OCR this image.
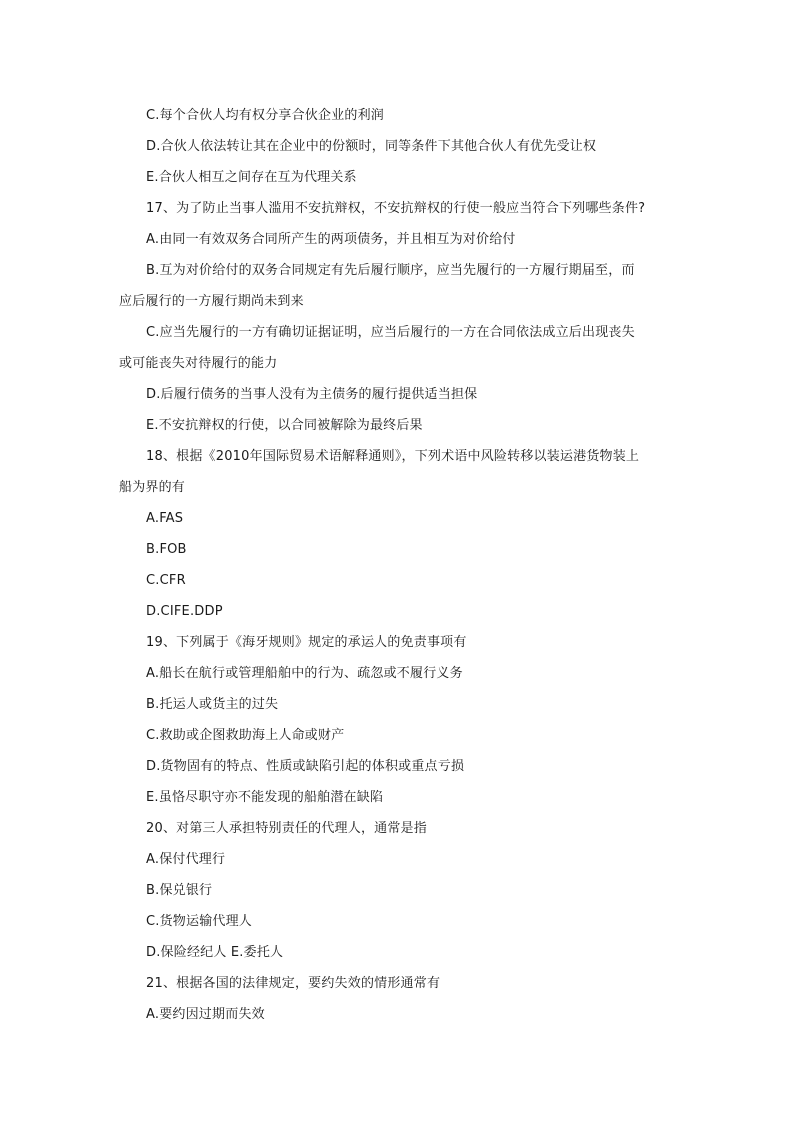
C.每个合伙人均有权分享合伙企业的利润
D.合伙人依法转让其在企业中的份额时，同等条件下其他合伙人有优先受让权
E.合伙人相互之间存在互为代理关系
17、为了防止当事人滥用不安抗辩权，不安抗辩权的行使一般应当符合下列哪些条件?
A.由同一有效双务合同所产生的两项债务，并且相互为对价给付
B.互为对价给付的双务合同规定有先后履行顺序，应当先履行的一方履行期届至，而
应后履行的一方履行期尚未到来
C.应当先履行的一方有确切证据证明，应当后履行的一方在合同依法成立后出现丧失
或可能丧失对待履行的能力
D.后履行债务的当事人没有为主债务的履行提供适当担保
E.不安抗辩权的行使，以合同被解除为最终后果
18、根据《2010年国际贸易术语解释通则》，下列术语中风险转移以装运港货物装上
船为界的有
A.FAS
B.FOB
C.CFR
D.CIFE.DDP
19、下列属于《海牙规则》规定的承运人的免责事项有
A.船长在航行或管理船舶中的行为、疏忽或不履行义务
B.托运人或货主的过失
C.救助或企图救助海上人命或财产
D.货物固有的特点、性质或缺陷引起的体积或重点亏损
E.虽恪尽职守亦不能发现的船舶潜在缺陷
20、对第三人承担特别责任的代理人，通常是指
A.保付代理行
B.保兑银行
C.货物运输代理人
D.保险经纪人 E.委托人
21、根据各国的法律规定，要约失效的情形通常有
A.要约因过期而失效
